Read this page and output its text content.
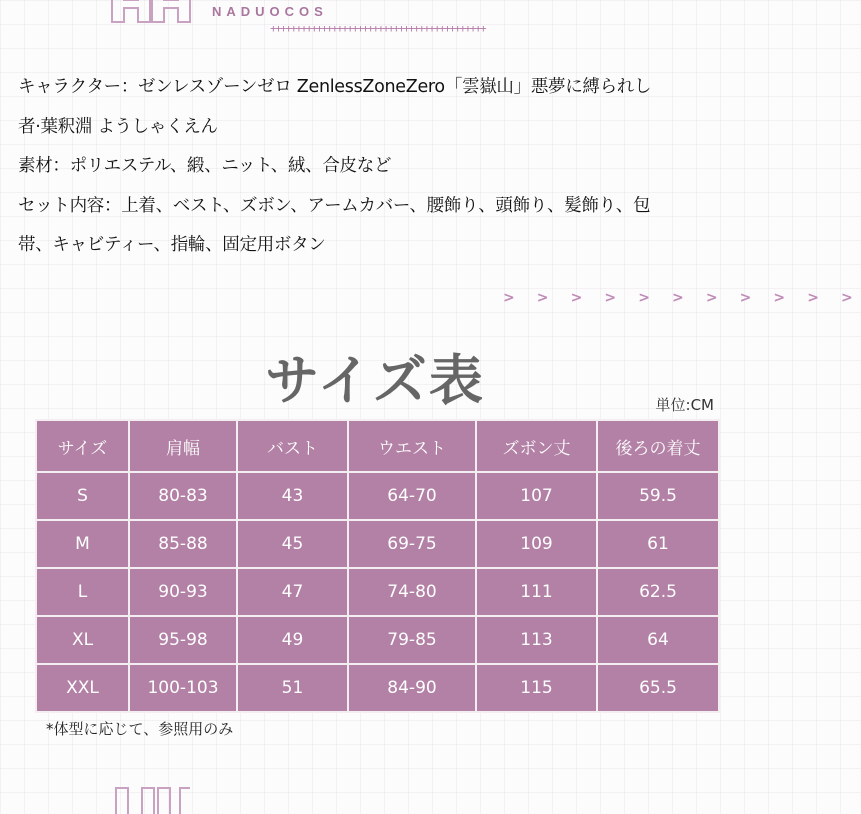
NADUOCOS
++++++++++++++++++++++++++++++++++++++++++

キャラクター：ゼンレスゾーンゼロ ZenlessZoneZero「雲嶽山」悪夢に縛られし

者·葉釈淵 ようしゃくえん

素材：ポリエステル、緞、ニット、絨、合皮など

セット内容：上着、ベスト、ズボン、アームカバー、腰飾り、頭飾り、髪飾り、包

帯、キャビティー、指輪、固定用ボタン

> > > > > > > > > > >
サイズ表	単位:CM
サイズ	肩幅	バスト	ウエスト	ズボン丈	後ろの着丈
S	80-83	43	64-70	107	59.5
M	85-88	45	69-75	109	61
L	90-93	47	74-80	111	62.5
XL	95-98	49	79-85	113	64
XXL	100-103	51	84-90	115	65.5
*体型に応じて、参照用のみ
